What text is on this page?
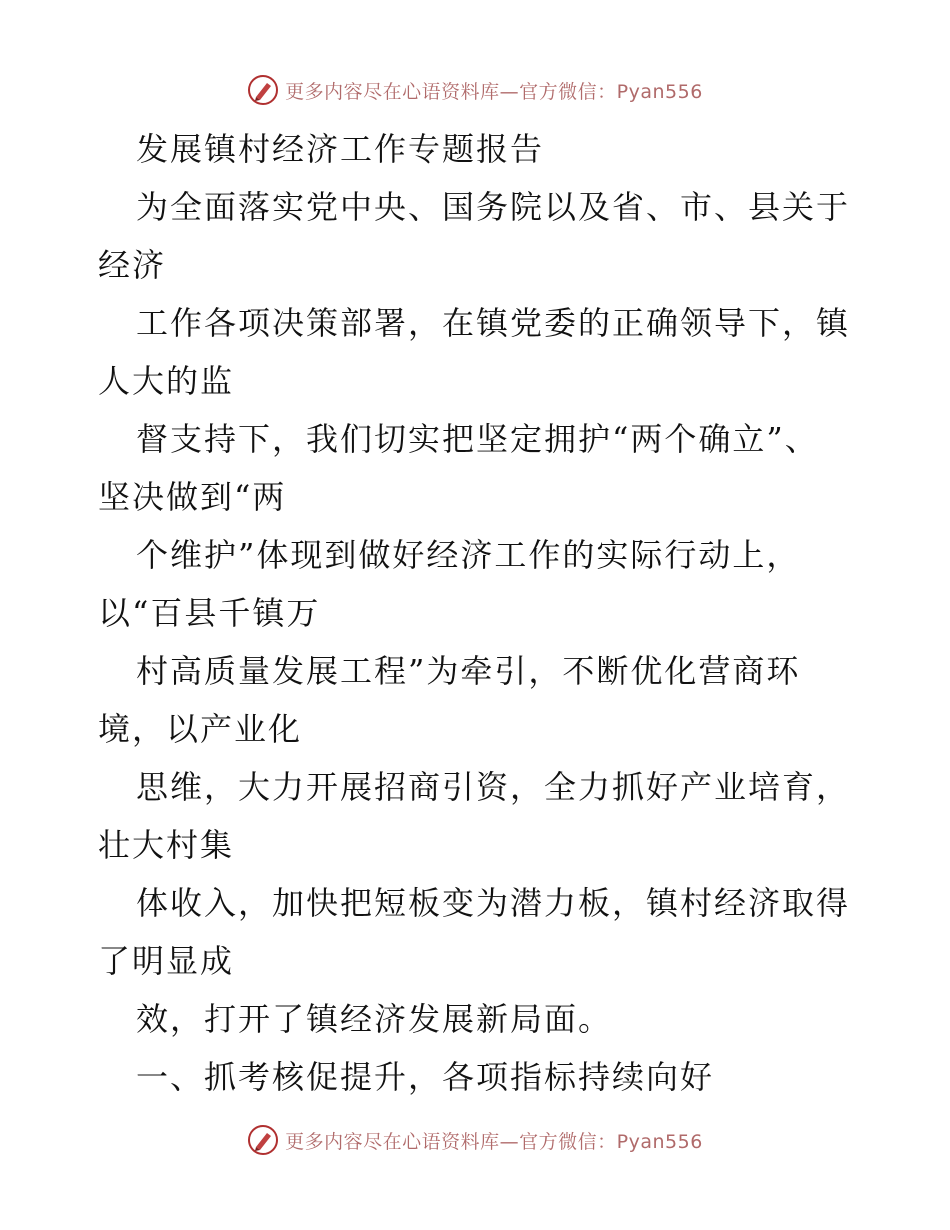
更多内容尽在心语资料库—官方微信：Pyan556
发展镇村经济工作专题报告
为全面落实党中央、国务院以及省、市、县关于
经济
工作各项决策部署，在镇党委的正确领导下，镇
人大的监
督支持下，我们切实把坚定拥护“两个确立”、
坚决做到“两
个维护”体现到做好经济工作的实际行动上，
以“百县千镇万
村高质量发展工程”为牵引，不断优化营商环
境，以产业化
思维，大力开展招商引资，全力抓好产业培育，
壮大村集
体收入，加快把短板变为潜力板，镇村经济取得
了明显成
效，打开了镇经济发展新局面。
一、抓考核促提升，各项指标持续向好
更多内容尽在心语资料库—官方微信：Pyan556
